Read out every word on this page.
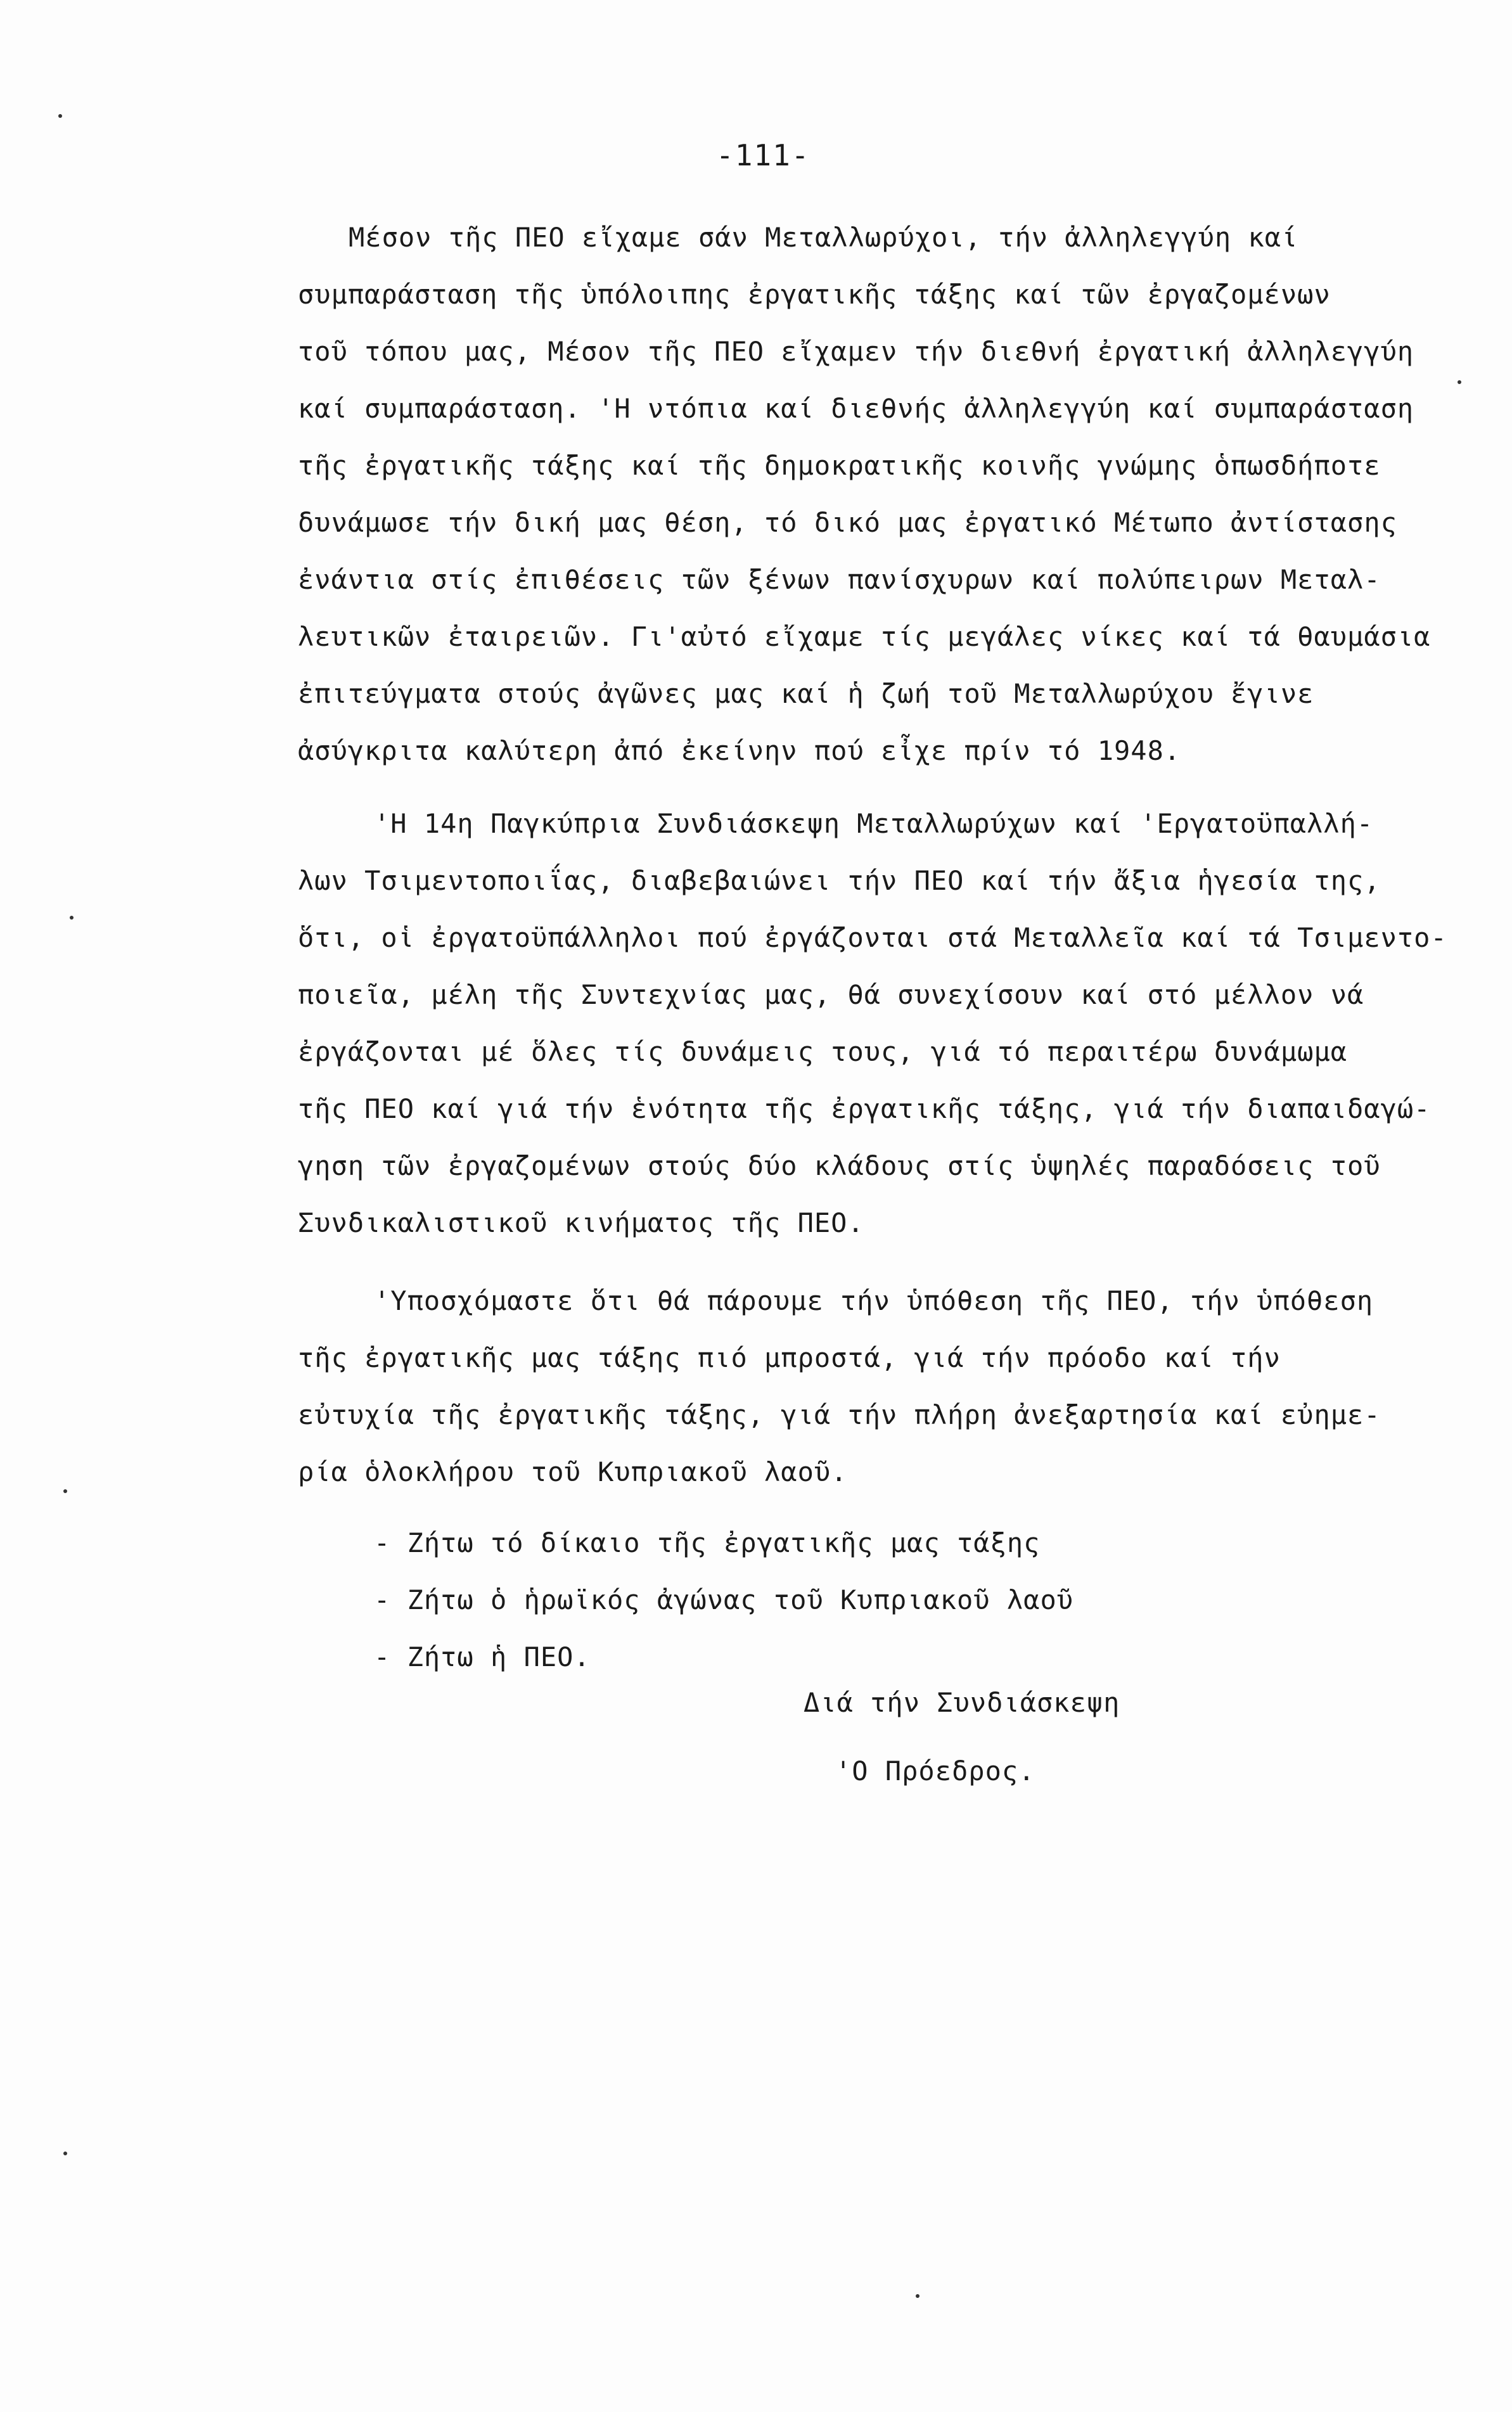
-111-
Μέσον τῆς ΠΕΟ εἴχαμε σάν Μεταλλωρύχοι, τήν ἀλληλεγγύη καί
συμπαράσταση τῆς ὑπόλοιπης ἐργατικῆς τάξης καί τῶν ἐργαζομένων
τοῦ τόπου μας, Μέσον τῆς ΠΕΟ εἴχαμεν τήν διεθνή ἐργατική ἀλληλεγγύη
καί συμπαράσταση. 'Η ντόπια καί διεθνής ἀλληλεγγύη καί συμπαράσταση
τῆς ἐργατικῆς τάξης καί τῆς δημοκρατικῆς κοινῆς γνώμης ὁπωσδήποτε
δυνάμωσε τήν δική μας θέση, τό δικό μας ἐργατικό Μέτωπο ἀντίστασης
ἐνάντια στίς ἐπιθέσεις τῶν ξένων πανίσχυρων καί πολύπειρων Μεταλ-
λευτικῶν ἐταιρειῶν. Γι'αὐτό εἴχαμε τίς μεγάλες νίκες καί τά θαυμάσια
ἐπιτεύγματα στούς ἀγῶνες μας καί ἡ ζωή τοῦ Μεταλλωρύχου ἔγινε
ἀσύγκριτα καλύτερη ἀπό ἐκείνην πού εἶχε πρίν τό 1948.
'Η 14η Παγκύπρια Συνδιάσκεψη Μεταλλωρύχων καί 'Εργατοϋπαλλή-
λων Τσιμεντοποιΐας, διαβεβαιώνει τήν ΠΕΟ καί τήν ἄξια ἡγεσία της,
ὅτι, οἱ ἐργατοϋπάλληλοι πού ἐργάζονται στά Μεταλλεῖα καί τά Τσιμεντο-
ποιεῖα, μέλη τῆς Συντεχνίας μας, θά συνεχίσουν καί στό μέλλον νά
ἐργάζονται μέ ὅλες τίς δυνάμεις τους, γιά τό περαιτέρω δυνάμωμα
τῆς ΠΕΟ καί γιά τήν ἑνότητα τῆς ἐργατικῆς τάξης, γιά τήν διαπαιδαγώ-
γηση τῶν ἐργαζομένων στούς δύο κλάδους στίς ὑψηλές παραδόσεις τοῦ
Συνδικαλιστικοῦ κινήματος τῆς ΠΕΟ.
'Υποσχόμαστε ὅτι θά πάρουμε τήν ὑπόθεση τῆς ΠΕΟ, τήν ὑπόθεση
τῆς ἐργατικῆς μας τάξης πιό μπροστά, γιά τήν πρόοδο καί τήν
εὐτυχία τῆς ἐργατικῆς τάξης, γιά τήν πλήρη ἀνεξαρτησία καί εὐημε-
ρία ὁλοκλήρου τοῦ Κυπριακοῦ λαοῦ.
- Ζήτω τό δίκαιο τῆς ἐργατικῆς μας τάξης
- Ζήτω ὁ ἡρωϊκός ἀγώνας τοῦ Κυπριακοῦ λαοῦ
- Ζήτω ἡ ΠΕΟ.
Διά τήν Συνδιάσκεψη
'Ο Πρόεδρος.
